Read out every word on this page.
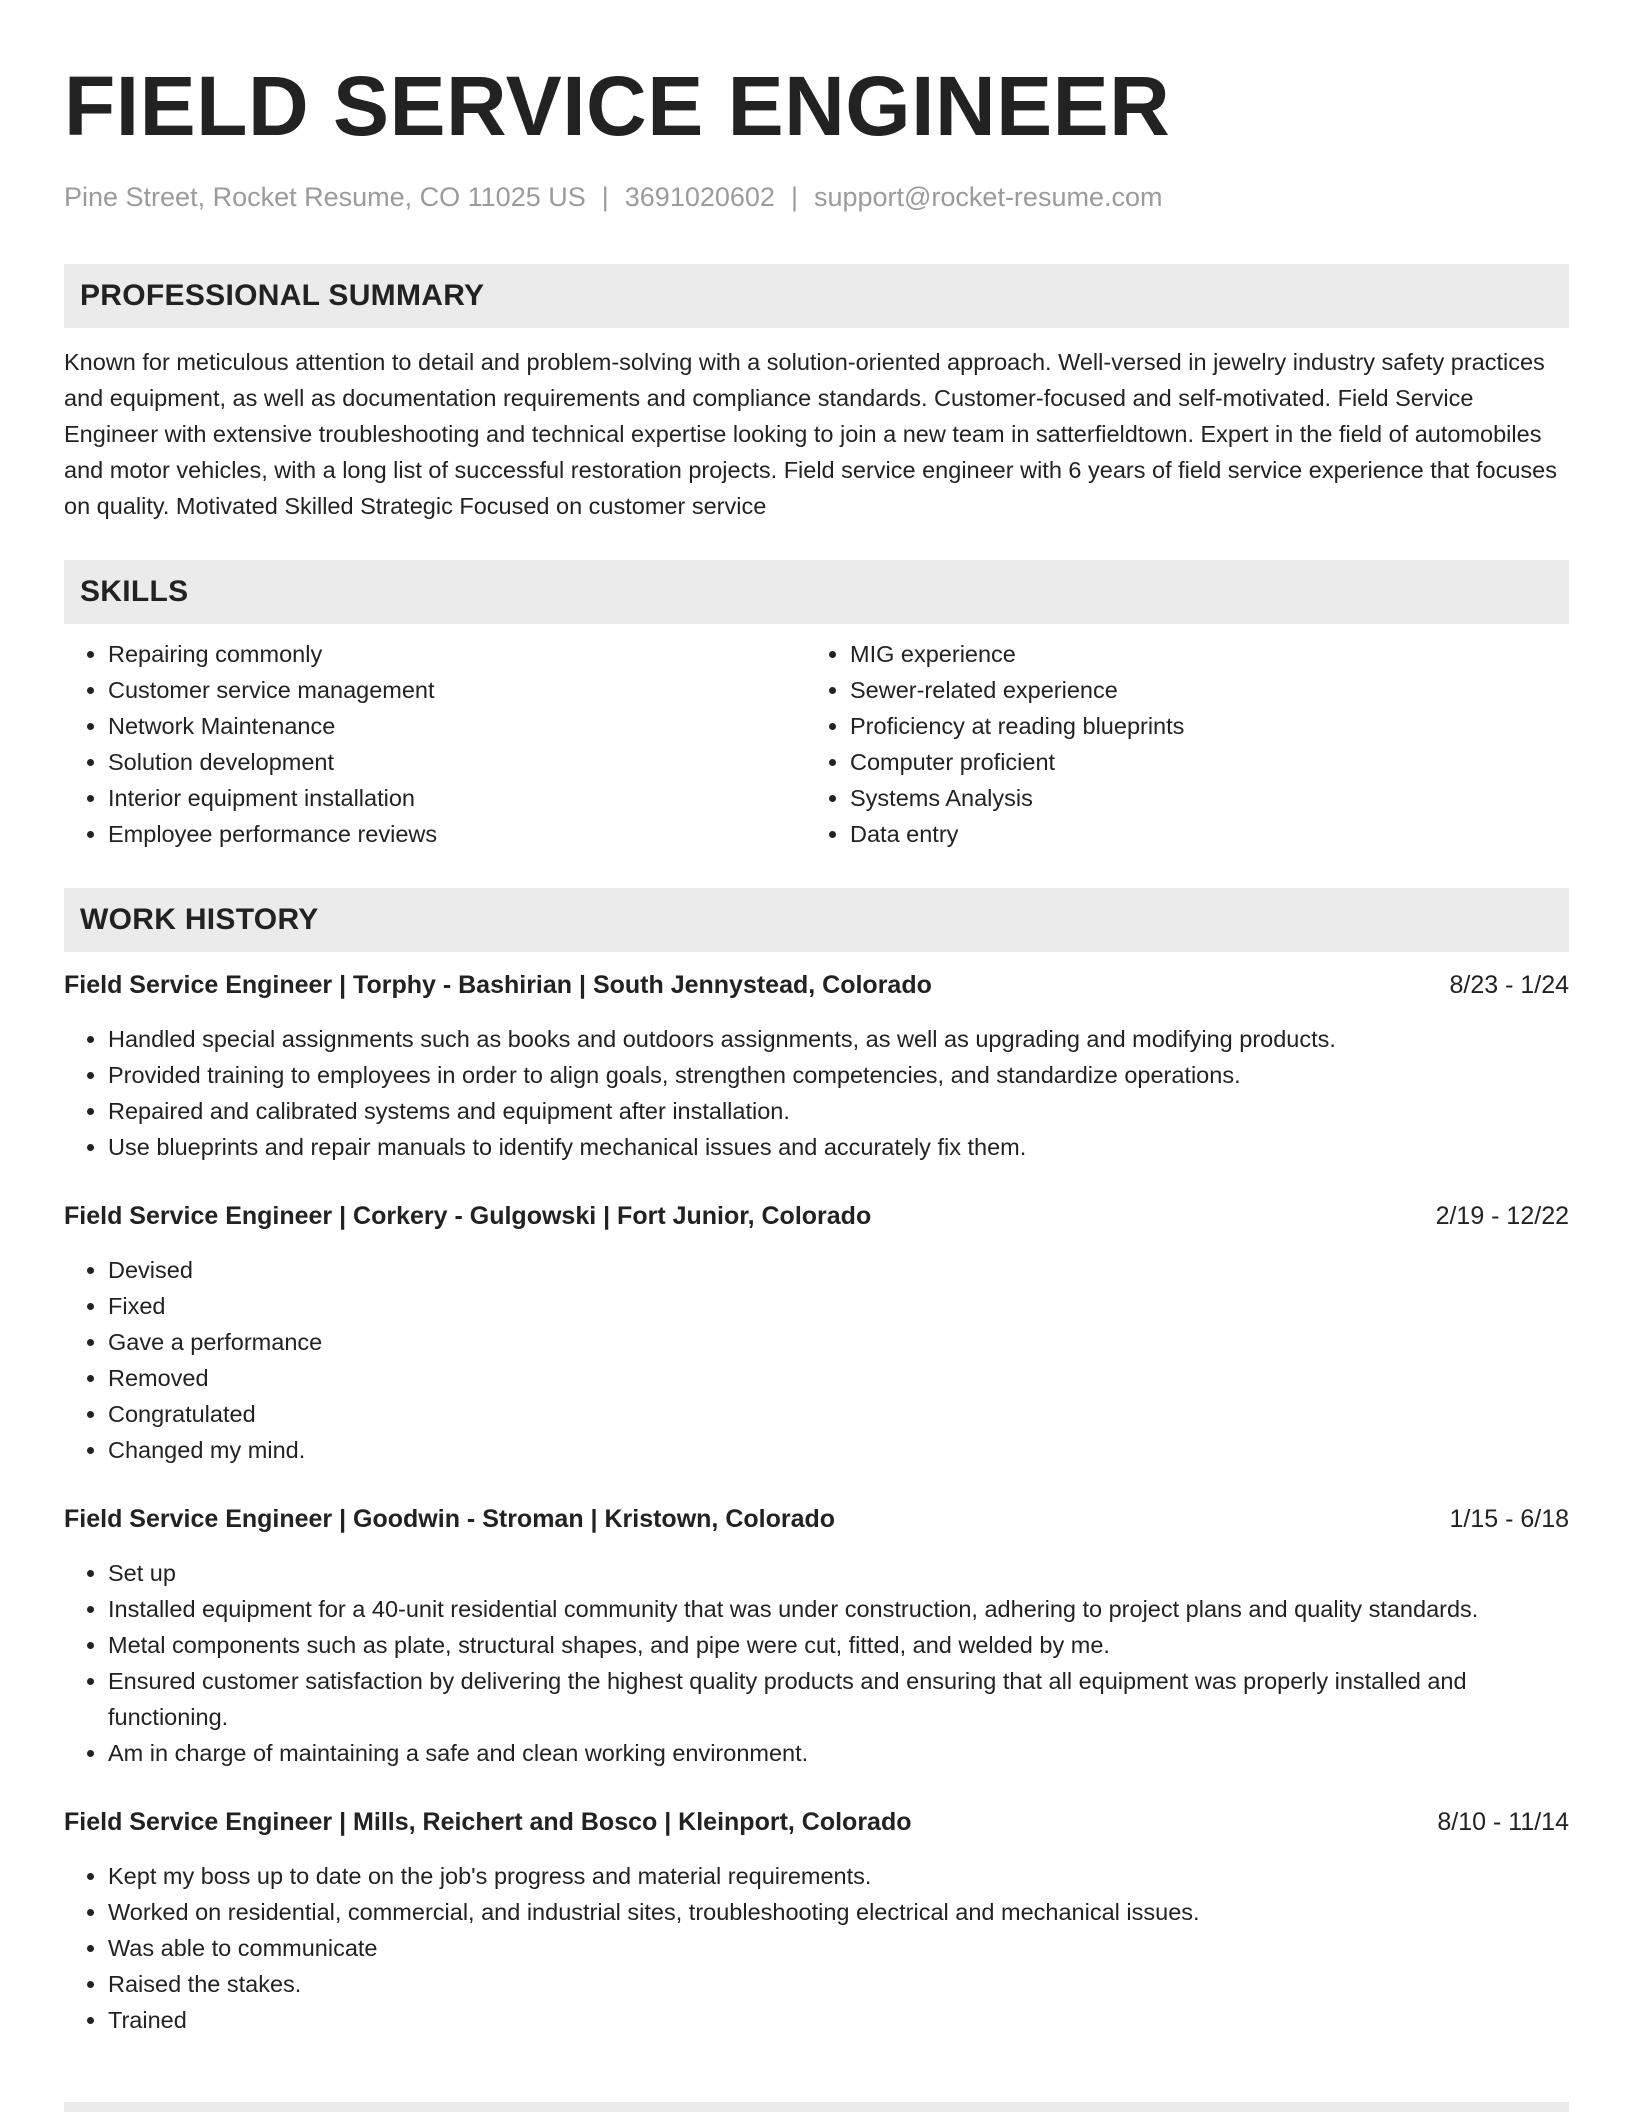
FIELD SERVICE ENGINEER
Pine Street, Rocket Resume, CO 11025 US | 3691020602 | support@rocket-resume.com
PROFESSIONAL SUMMARY
Known for meticulous attention to detail and problem-solving with a solution-oriented approach. Well-versed in jewelry industry safety practices and equipment, as well as documentation requirements and compliance standards. Customer-focused and self-motivated. Field Service Engineer with extensive troubleshooting and technical expertise looking to join a new team in satterfieldtown. Expert in the field of automobiles and motor vehicles, with a long list of successful restoration projects. Field service engineer with 6 years of field service experience that focuses on quality. Motivated Skilled Strategic Focused on customer service
SKILLS
• Repairing commonly
• Customer service management
• Network Maintenance
• Solution development
• Interior equipment installation
• Employee performance reviews
• MIG experience
• Sewer-related experience
• Proficiency at reading blueprints
• Computer proficient
• Systems Analysis
• Data entry
WORK HISTORY
Field Service Engineer | Torphy - Bashirian | South Jennystead, Colorado	8/23 - 1/24
• Handled special assignments such as books and outdoors assignments, as well as upgrading and modifying products.
• Provided training to employees in order to align goals, strengthen competencies, and standardize operations.
• Repaired and calibrated systems and equipment after installation.
• Use blueprints and repair manuals to identify mechanical issues and accurately fix them.
Field Service Engineer | Corkery - Gulgowski | Fort Junior, Colorado	2/19 - 12/22
• Devised
• Fixed
• Gave a performance
• Removed
• Congratulated
• Changed my mind.
Field Service Engineer | Goodwin - Stroman | Kristown, Colorado	1/15 - 6/18
• Set up
• Installed equipment for a 40-unit residential community that was under construction, adhering to project plans and quality standards.
• Metal components such as plate, structural shapes, and pipe were cut, fitted, and welded by me.
• Ensured customer satisfaction by delivering the highest quality products and ensuring that all equipment was properly installed and functioning.
• Am in charge of maintaining a safe and clean working environment.
Field Service Engineer | Mills, Reichert and Bosco | Kleinport, Colorado	8/10 - 11/14
• Kept my boss up to date on the job's progress and material requirements.
• Worked on residential, commercial, and industrial sites, troubleshooting electrical and mechanical issues.
• Was able to communicate
• Raised the stakes.
• Trained
